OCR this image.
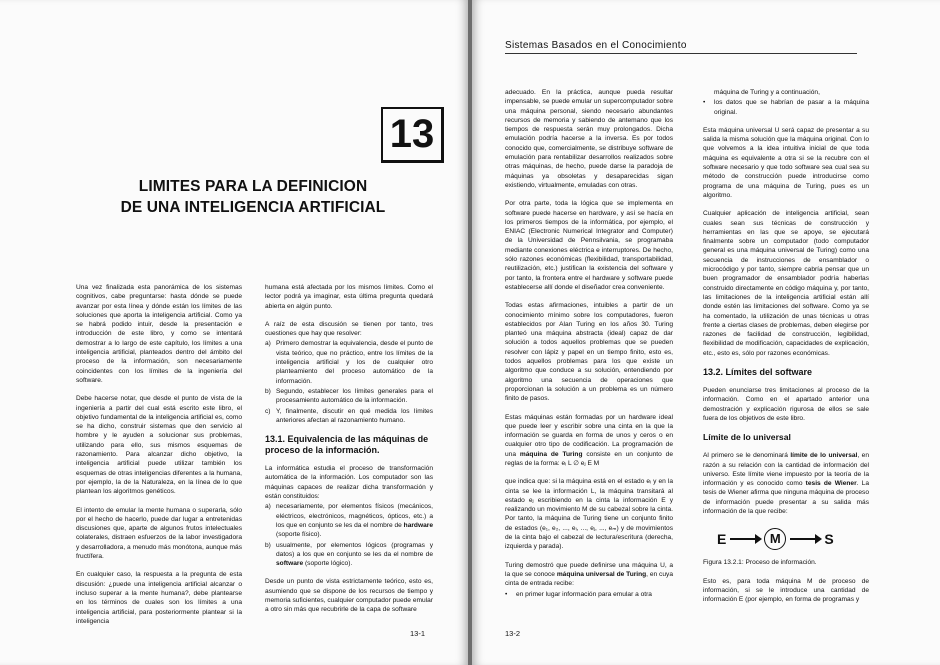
13
LIMITES PARA LA DEFINICION
DE UNA INTELIGENCIA ARTIFICIAL

Una vez finalizada esta panorámica de los sistemas cognitivos, cabe preguntarse: hasta dónde se puede avanzar por esta línea y dónde están los límites de las soluciones que aporta la inteligencia artificial. Como ya se habrá podido intuir, desde la presentación e introducción de este libro, y como se intentará demostrar a lo largo de este capítulo, los límites a una inteligencia artificial, planteados dentro del ámbito del proceso de la información, son necesariamente coincidentes con los límites de la ingeniería del software.

Debe hacerse notar, que desde el punto de vista de la ingeniería a partir del cual está escrito este libro, el objetivo fundamental de la inteligencia artificial es, como se ha dicho, construir sistemas que den servicio al hombre y le ayuden a solucionar sus problemas, utilizando para ello, sus mismos esquemas de razonamiento. Para alcanzar dicho objetivo, la inteligencia artificial puede utilizar también los esquemas de otras inteligencias diferentes a la humana, por ejemplo, la de la Naturaleza, en la línea de lo que plantean los algoritmos genéticos.

El intento de emular la mente humana o superarla, sólo por el hecho de hacerlo, puede dar lugar a entretenidas discusiones que, aparte de algunos frutos intelectuales colaterales, distraen esfuerzos de la labor investigadora y desarrolladora, a menudo más monótona, aunque más fructífera.

En cualquier caso, la respuesta a la pregunta de esta discusión: ¿puede una inteligencia artificial alcanzar o incluso superar a la mente humana?, debe plantearse en los términos de cuales son los límites a una inteligencia artificial, para posteriormente plantear si la inteligencia

humana está afectada por los mismos límites. Como el lector podrá ya imaginar, esta última pregunta quedará abierta en algún punto.

A raíz de esta discusión se tienen por tanto, tres cuestiones que hay que resolver:

a) Primero demostrar la equivalencia, desde el punto de vista teórico, que no práctico, entre los límites de la inteligencia artificial y los de cualquier otro planteamiento del proceso automático de la información.
b) Segundo, establecer los límites generales para el procesamiento automático de la información.
c) Y, finalmente, discutir en qué medida los límites anteriores afectan al razonamiento humano.
13.1. Equivalencia de las máquinas de proceso de la información.

La informática estudia el proceso de transformación automática de la información. Los computador son las máquinas capaces de realizar dicha transformación y están constituidos:

a) necesariamente, por elementos físicos (mecánicos, eléctricos, electrónicos, magnéticos, ópticos, etc.) a los que en conjunto se les da el nombre de hardware (soporte físico).
b) usualmente, por elementos lógicos (programas y datos) a los que en conjunto se les da el nombre de software (soporte lógico).

Desde un punto de vista estrictamente teórico, esto es, asumiendo que se dispone de los recursos de tiempo y memoria suficientes, cualquier computador puede emular a otro sin más que recubrirle de la capa de software

13-1
Sistemas Basados en el Conocimiento

adecuado. En la práctica, aunque pueda resultar impensable, se puede emular un supercomputador sobre una máquina personal, siendo necesario abundantes recursos de memoria y sabiendo de antemano que los tiempos de respuesta serán muy prolongados. Dicha emulación podría hacerse a la inversa. Es por todos conocido que, comercialmente, se distribuye software de emulación para rentabilizar desarrollos realizados sobre otras máquinas, de hecho, puede darse la paradoja de máquinas ya obsoletas y desaparecidas sigan existiendo, virtualmente, emuladas con otras.

Por otra parte, toda la lógica que se implementa en software puede hacerse en hardware, y así se hacía en los primeros tiempos de la informática, por ejemplo, el ENIAC (Electronic Numerical Integrator and Computer) de la Universidad de Pennsilvania, se programaba mediante conexiones eléctrica e interruptores. De hecho, sólo razones económicas (flexibilidad, transportabilidad, reutilización, etc.) justifican la existencia del software y por tanto, la frontera entre el hardware y software puede establecerse allí donde el diseñador crea conveniente.

Todas estas afirmaciones, intuibles a partir de un conocimiento mínimo sobre los computadores, fueron establecidos por Alan Turing en los años 30. Turing planteó una máquina abstracta (ideal) capaz de dar solución a todos aquellos problemas que se pueden resolver con lápiz y papel en un tiempo finito, esto es, todos aquellos problemas para los que existe un algoritmo que conduce a su solución, entendiendo por algoritmo una secuencia de operaciones que proporcionan la solución a un problema es un número finito de pasos.

Estas máquinas están formadas por un hardware ideal que puede leer y escribir sobre una cinta en la que la información se guarda en forma de unos y ceros o en cualquier otro tipo de codificación. La programación de una máquina de Turing consiste en un conjunto de reglas de la forma: eᵢ L ∅ eⱼ E M

que indica que: si la máquina está en el estado eᵢ y en la cinta se lee la información L, la máquina transitará al estado eⱼ escribiendo en la cinta la información E y realizando un movimiento M de su cabezal sobre la cinta. Por tanto, la máquina de Turing tiene un conjunto finito de estados (e₁, e₂, ..., eᵢ, ..., eⱼ, ..., eₘ) y de movimientos de la cinta bajo el cabezal de lectura/escritura (derecha, izquierda y parada).

Turing demostró que puede definirse una máquina U, a la que se conoce máquina universal de Turing, en cuya cinta de entrada recibe:

•	en primer lugar información para emular a otra
máquina de Turing y a continuación,
•	los datos que se habrían de pasar a la máquina original.

Esta máquina universal U será capaz de presentar a su salida la misma solución que la máquina original. Con lo que volvemos a la idea intuitiva inicial de que toda máquina es equivalente a otra si se la recubre con el software necesario y que todo software sea cual sea su método de construcción puede introducirse como programa de una máquina de Turing, pues es un algoritmo.

Cualquier aplicación de inteligencia artificial, sean cuales sean sus técnicas de construcción y herramientas en las que se apoye, se ejecutará finalmente sobre un computador (todo computador general es una máquina universal de Turing) como una secuencia de instrucciones de ensamblador o microcódigo y por tanto, siempre cabría pensar que un buen programador de ensamblador podría haberlas construido directamente en código máquina y, por tanto, las limitaciones de la inteligencia artificial están allí donde estén las limitaciones del software. Como ya se ha comentado, la utilización de unas técnicas u otras frente a ciertas clases de problemas, deben elegirse por razones de facilidad de construcción, legibilidad, flexibilidad de modificación, capacidades de explicación, etc., esto es, sólo por razones económicas.

13.2. Límites del software

Pueden enunciarse tres limitaciones al proceso de la información. Como en el apartado anterior una demostración y explicación rigurosa de ellos se sale fuera de los objetivos de este libro.

Límite de lo universal

Al primero se le denominará límite de lo universal, en razón a su relación con la cantidad de información del universo. Este límite viene impuesto por la teoría de la información y es conocido como tesis de Wiener. La tesis de Wiener afirma que ninguna máquina de proceso de información puede presentar a su salida más información de la que recibe:

E	M	S
Figura 13.2.1: Proceso de información.

Esto es, para toda máquina M de proceso de información, si se le introduce una cantidad de información E (por ejemplo, en forma de programas y

13-2
